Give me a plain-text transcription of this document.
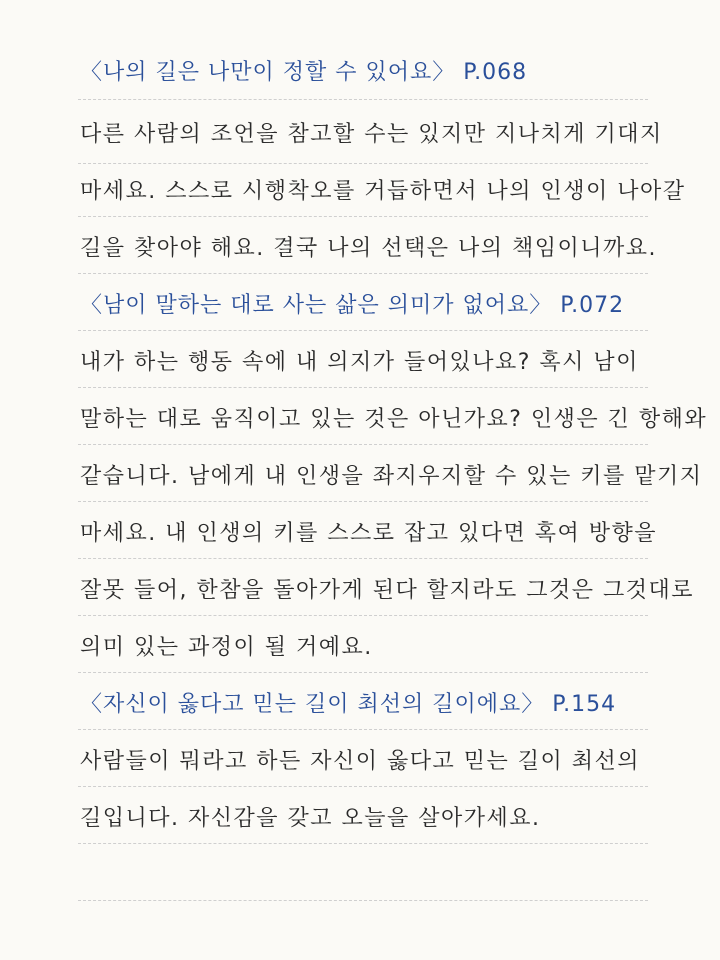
〈나의 길은 나만이 정할 수 있어요〉 P.068
다른 사람의 조언을 참고할 수는 있지만 지나치게 기대지
마세요. 스스로 시행착오를 거듭하면서 나의 인생이 나아갈
길을 찾아야 해요. 결국 나의 선택은 나의 책임이니까요.
〈남이 말하는 대로 사는 삶은 의미가 없어요〉 P.072
내가 하는 행동 속에 내 의지가 들어있나요? 혹시 남이
말하는 대로 움직이고 있는 것은 아닌가요? 인생은 긴 항해와
같습니다. 남에게 내 인생을 좌지우지할 수 있는 키를 맡기지
마세요. 내 인생의 키를 스스로 잡고 있다면 혹여 방향을
잘못 들어, 한참을 돌아가게 된다 할지라도 그것은 그것대로
의미 있는 과정이 될 거예요.
〈자신이 옳다고 믿는 길이 최선의 길이에요〉 P.154
사람들이 뭐라고 하든 자신이 옳다고 믿는 길이 최선의
길입니다. 자신감을 갖고 오늘을 살아가세요.
